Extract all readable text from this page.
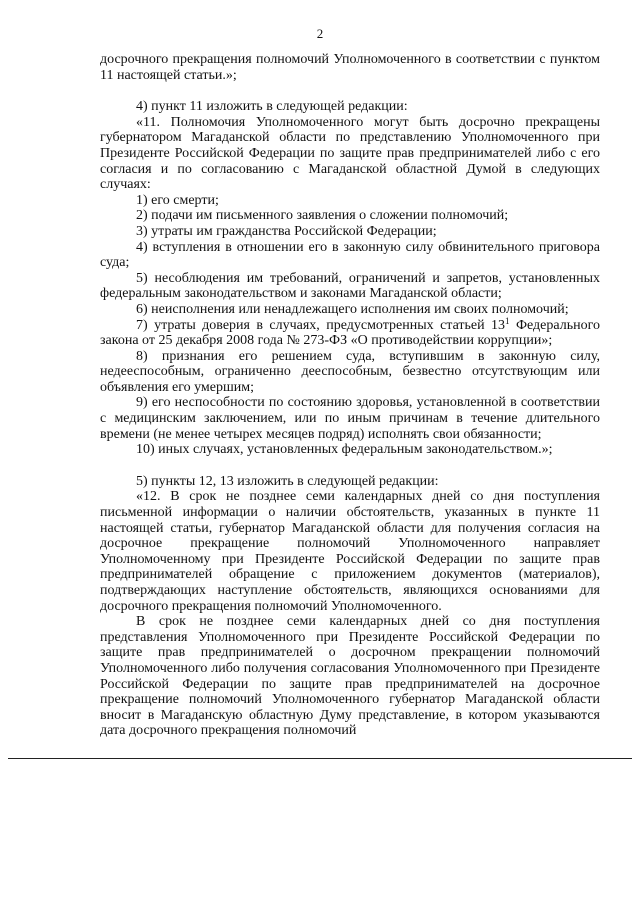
2

досрочного прекращения полномочий Уполномоченного в соответствии с пунктом 11 настоящей статьи.»;

4) пункт 11 изложить в следующей редакции:

«11. Полномочия Уполномоченного могут быть досрочно прекращены губернатором Магаданской области по представлению Уполномоченного при Президенте Российской Федерации по защите прав предпринимателей либо с его согласия и по согласованию с Магаданской областной Думой в следующих случаях:

1) его смерти;

2) подачи им письменного заявления о сложении полномочий;

3) утраты им гражданства Российской Федерации;

4) вступления в отношении его в законную силу обвинительного приговора суда;

5) несоблюдения им требований, ограничений и запретов, установленных федеральным законодательством и законами Магаданской области;

6) неисполнения или ненадлежащего исполнения им своих полномочий;

7) утраты доверия в случаях, предусмотренных статьей $13^1$ Федерального закона от 25 декабря 2008 года № 273-ФЗ «О противодействии коррупции»;

8) признания его решением суда, вступившим в законную силу, недееспособным, ограниченно дееспособным, безвестно отсутствующим или объявления его умершим;

9) его неспособности по состоянию здоровья, установленной в соответствии с медицинским заключением, или по иным причинам в течение длительного времени (не менее четырех месяцев подряд) исполнять свои обязанности;

10) иных случаях, установленных федеральным законодательством.»;

5) пункты 12, 13 изложить в следующей редакции:

«12. В срок не позднее семи календарных дней со дня поступления письменной информации о наличии обстоятельств, указанных в пункте 11 настоящей статьи, губернатор Магаданской области для получения согласия на досрочное прекращение полномочий Уполномоченного направляет Уполномоченному при Президенте Российской Федерации по защите прав предпринимателей обращение с приложением документов (материалов), подтверждающих наступление обстоятельств, являющихся основаниями для досрочного прекращения полномочий Уполномоченного.

В срок не позднее семи календарных дней со дня поступления представления Уполномоченного при Президенте Российской Федерации по защите прав предпринимателей о досрочном прекращении полномочий Уполномоченного либо получения согласования Уполномоченного при Президенте Российской Федерации по защите прав предпринимателей на досрочное прекращение полномочий Уполномоченного губернатор Магаданской области вносит в Магаданскую областную Думу представление, в котором указываются дата досрочного прекращения полномочий
